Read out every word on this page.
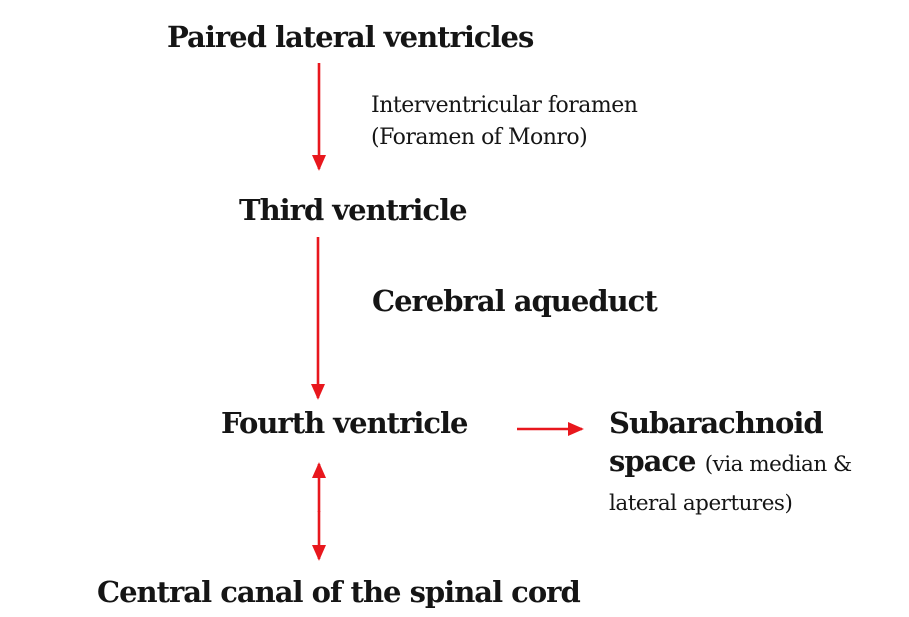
Paired lateral ventricles
Interventricular foramen
(Foramen of Monro)
Third ventricle
Cerebral aqueduct
Fourth ventricle	Subarachnoid space (via median & lateral apertures)
Central canal of the spinal cord
